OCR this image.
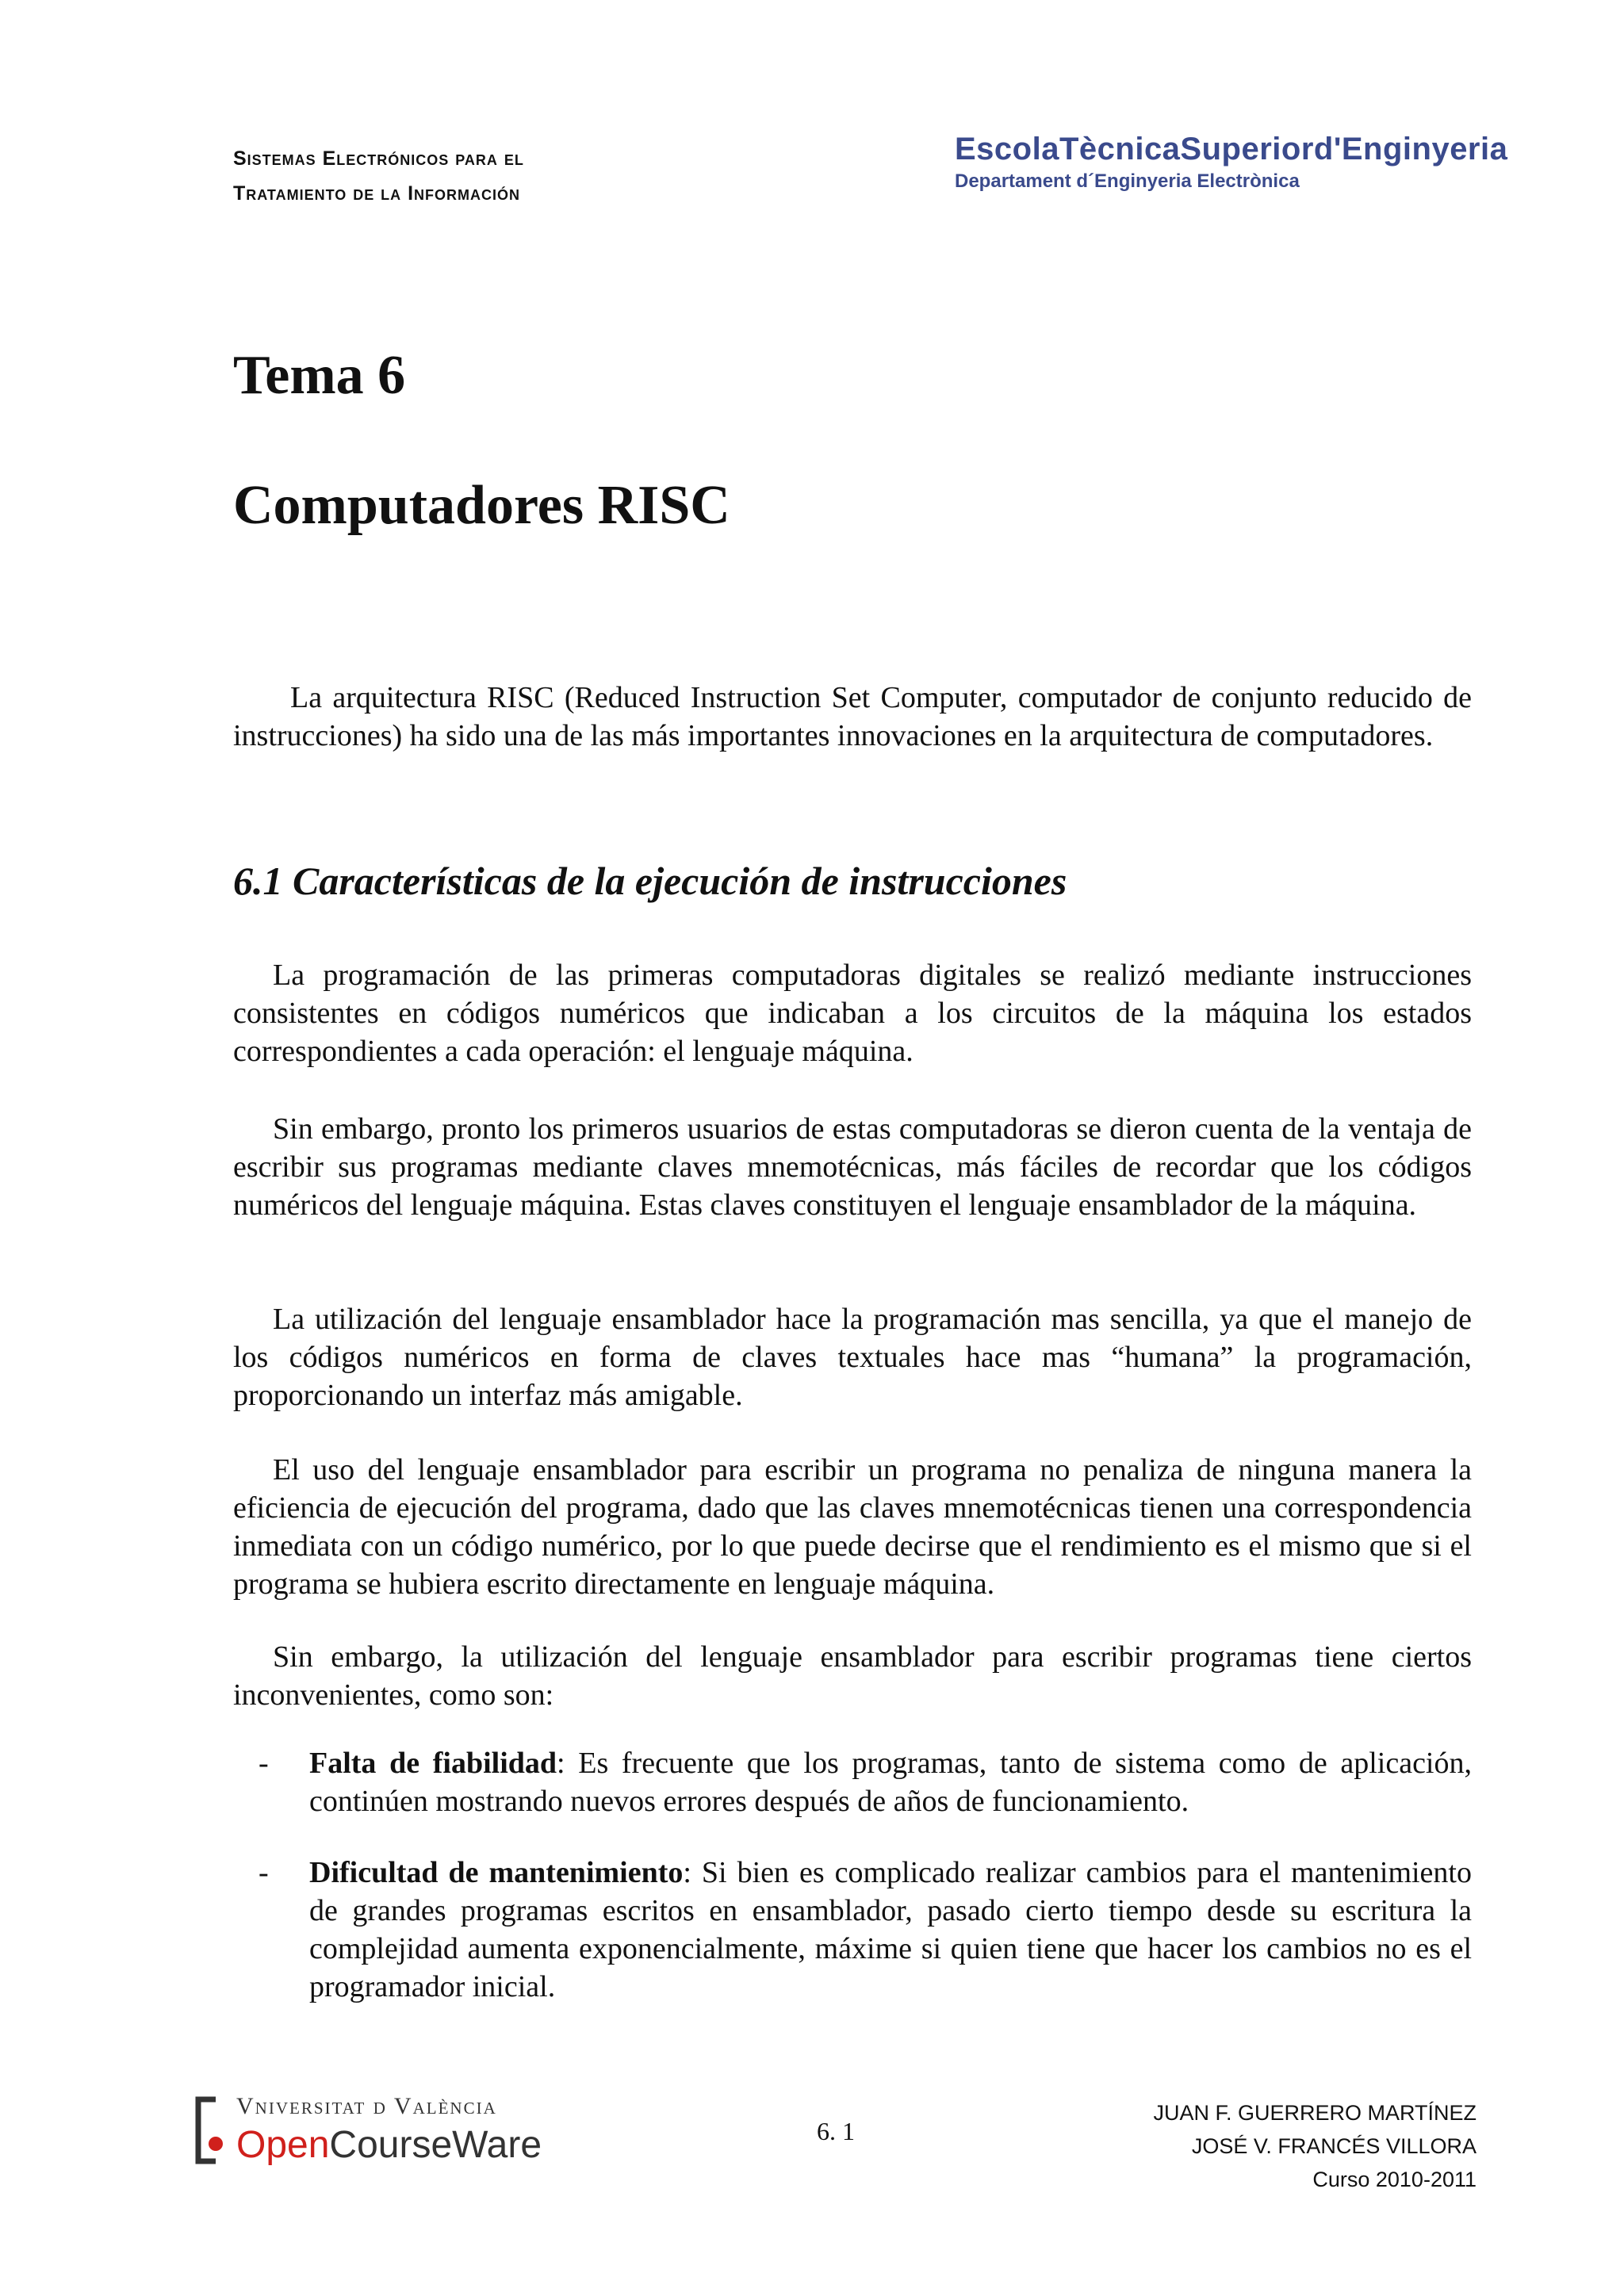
Sistemas Electrónicos para el
Tratamiento de la Información
EscolaTècnicaSuperiord'Enginyeria
Departament d´Enginyeria Electrònica
Tema 6
Computadores RISC

La arquitectura RISC (Reduced Instruction Set Computer, computador de conjunto reducido de instrucciones) ha sido una de las más importantes innovaciones en la arquitectura de computadores.

6.1 Características de la ejecución de instrucciones

La programación de las primeras computadoras digitales se realizó mediante instrucciones consistentes en códigos numéricos que indicaban a los circuitos de la máquina los estados correspondientes a cada operación: el lenguaje máquina.

Sin embargo, pronto los primeros usuarios de estas computadoras se dieron cuenta de la ventaja de escribir sus programas mediante claves mnemotécnicas, más fáciles de recordar que los códigos numéricos del lenguaje máquina. Estas claves constituyen el lenguaje ensamblador de la máquina.

La utilización del lenguaje ensamblador hace la programación mas sencilla, ya que el manejo de los códigos numéricos en forma de claves textuales hace mas “humana” la programación, proporcionando un interfaz más amigable.

El uso del lenguaje ensamblador para escribir un programa no penaliza de ninguna manera la eficiencia de ejecución del programa, dado que las claves mnemotécnicas tienen una correspondencia inmediata con un código numérico, por lo que puede decirse que el rendimiento es el mismo que si el programa se hubiera escrito directamente en lenguaje máquina.

Sin embargo, la utilización del lenguaje ensamblador para escribir programas tiene ciertos inconvenientes, como son:

-	Falta de fiabilidad: Es frecuente que los programas, tanto de sistema como de aplicación, continúen mostrando nuevos errores después de años de funcionamiento.
-	Dificultad de mantenimiento: Si bien es complicado realizar cambios para el mantenimiento de grandes programas escritos en ensamblador, pasado cierto tiempo desde su escritura la complejidad aumenta exponencialmente, máxime si quien tiene que hacer los cambios no es el programador inicial.
Vniversitat d València
OpenCourseWare	6. 1
JUAN F. GUERRERO MARTÍNEZ
JOSÉ V. FRANCÉS VILLORA
Curso 2010-2011
